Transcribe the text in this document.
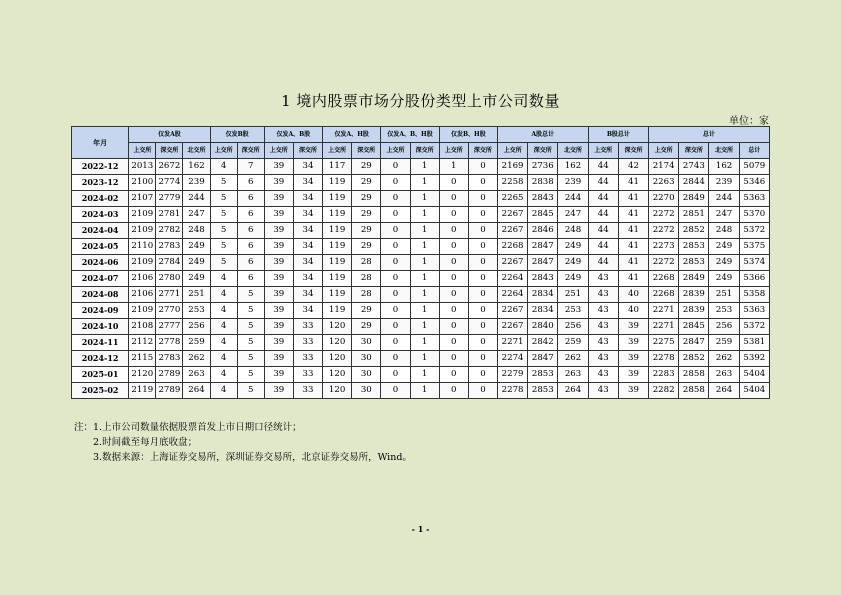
1 境内股票市场分股份类型上市公司数量
单位：家
年月	仅发A股			仅发B股		仅发A、B股		仅发A、H股		仅发A、B、H股		仅发B、H股		A股总计			B股总计		总计			
	上交所	深交所	北交所	上交所	深交所	上交所	深交所	上交所	深交所	上交所	深交所	上交所	深交所	上交所	深交所	北交所	上交所	深交所	上交所	深交所	北交所	总计
2022-12	2013	2672	162	4	7	39	34	117	29	0	1	1	0	2169	2736	162	44	42	2174	2743	162	5079
2023-12	2100	2774	239	5	6	39	34	119	29	0	1	0	0	2258	2838	239	44	41	2263	2844	239	5346
2024-02	2107	2779	244	5	6	39	34	119	29	0	1	0	0	2265	2843	244	44	41	2270	2849	244	5363
2024-03	2109	2781	247	5	6	39	34	119	29	0	1	0	0	2267	2845	247	44	41	2272	2851	247	5370
2024-04	2109	2782	248	5	6	39	34	119	29	0	1	0	0	2267	2846	248	44	41	2272	2852	248	5372
2024-05	2110	2783	249	5	6	39	34	119	29	0	1	0	0	2268	2847	249	44	41	2273	2853	249	5375
2024-06	2109	2784	249	5	6	39	34	119	28	0	1	0	0	2267	2847	249	44	41	2272	2853	249	5374
2024-07	2106	2780	249	4	6	39	34	119	28	0	1	0	0	2264	2843	249	43	41	2268	2849	249	5366
2024-08	2106	2771	251	4	5	39	34	119	28	0	1	0	0	2264	2834	251	43	40	2268	2839	251	5358
2024-09	2109	2770	253	4	5	39	34	119	29	0	1	0	0	2267	2834	253	43	40	2271	2839	253	5363
2024-10	2108	2777	256	4	5	39	33	120	29	0	1	0	0	2267	2840	256	43	39	2271	2845	256	5372
2024-11	2112	2778	259	4	5	39	33	120	30	0	1	0	0	2271	2842	259	43	39	2275	2847	259	5381
2024-12	2115	2783	262	4	5	39	33	120	30	0	1	0	0	2274	2847	262	43	39	2278	2852	262	5392
2025-01	2120	2789	263	4	5	39	33	120	30	0	1	0	0	2279	2853	263	43	39	2283	2858	263	5404
2025-02	2119	2789	264	4	5	39	33	120	30	0	1	0	0	2278	2853	264	43	39	2282	2858	264	5404
注：1.上市公司数量依据股票首发上市日期口径统计；
2.时间截至每月底收盘；
3.数据来源：上海证券交易所，深圳证券交易所，北京证券交易所，Wind。
- 1 -
